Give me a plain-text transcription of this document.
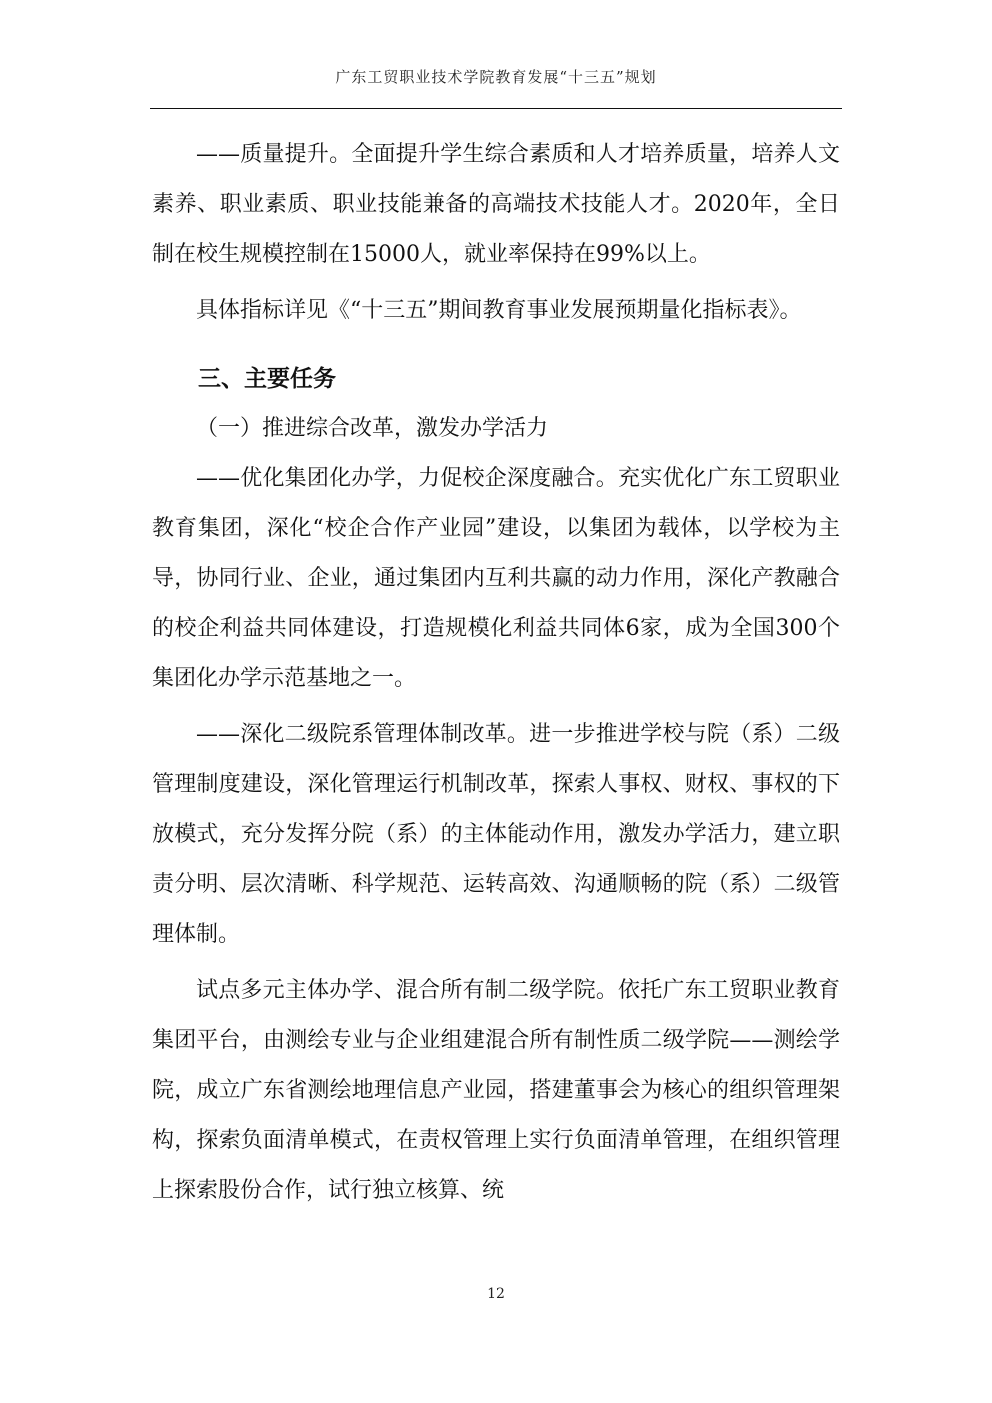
广东工贸职业技术学院教育发展“十三五”规划

——质量提升。全面提升学生综合素质和人才培养质量，培养人文素养、职业素质、职业技能兼备的高端技术技能人才。2020年，全日制在校生规模控制在15000人，就业率保持在99%以上。

具体指标详见《“十三五”期间教育事业发展预期量化指标表》。

三、主要任务
（一）推进综合改革，激发办学活力

——优化集团化办学，力促校企深度融合。充实优化广东工贸职业教育集团，深化“校企合作产业园”建设，以集团为载体，以学校为主导，协同行业、企业，通过集团内互利共赢的动力作用，深化产教融合的校企利益共同体建设，打造规模化利益共同体6家，成为全国300个集团化办学示范基地之一。

——深化二级院系管理体制改革。进一步推进学校与院（系）二级管理制度建设，深化管理运行机制改革，探索人事权、财权、事权的下放模式，充分发挥分院（系）的主体能动作用，激发办学活力，建立职责分明、层次清晰、科学规范、运转高效、沟通顺畅的院（系）二级管理体制。

试点多元主体办学、混合所有制二级学院。依托广东工贸职业教育集团平台，由测绘专业与企业组建混合所有制性质二级学院——测绘学院，成立广东省测绘地理信息产业园，搭建董事会为核心的组织管理架构，探索负面清单模式，在责权管理上实行负面清单管理，在组织管理上探索股份合作，试行独立核算、统

12
